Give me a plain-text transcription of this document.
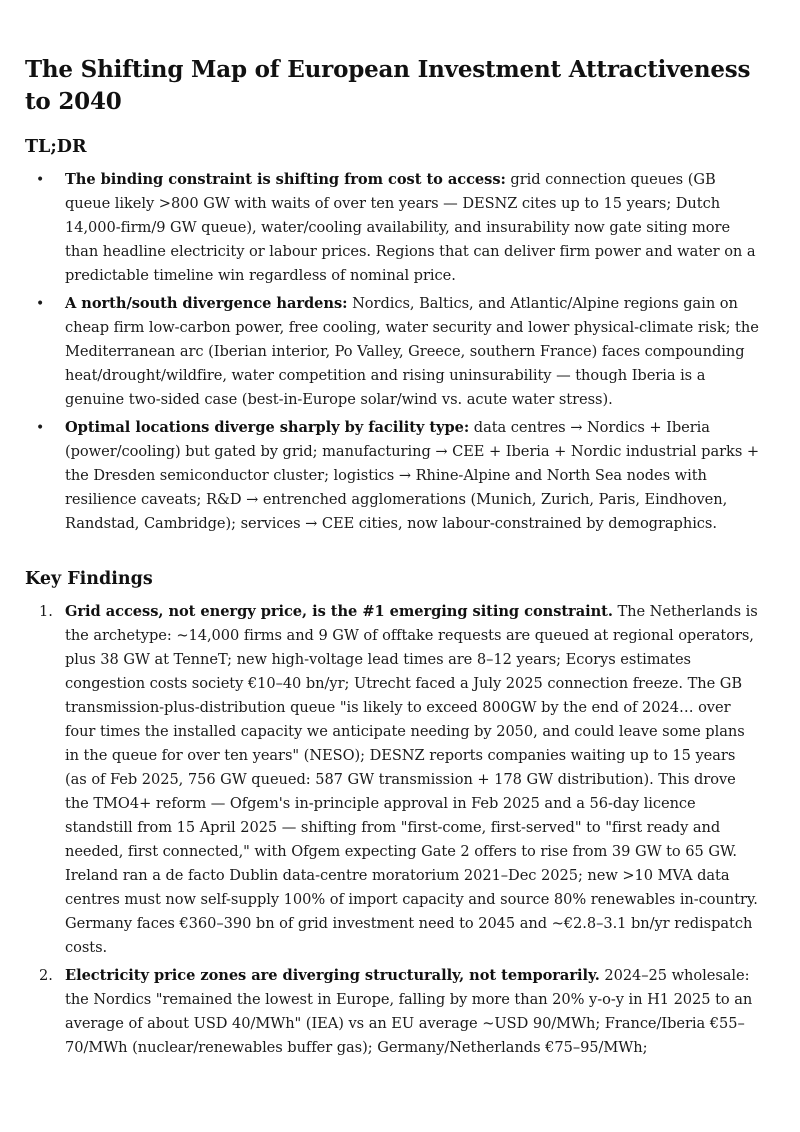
The Shifting Map of European Investment Attractiveness to 2040
TL;DR
• The binding constraint is shifting from cost to access: grid connection queues (GB queue likely >800 GW with waits of over ten years — DESNZ cites up to 15 years; Dutch 14,000-firm/9 GW queue), water/cooling availability, and insurability now gate siting more than headline electricity or labour prices. Regions that can deliver firm power and water on a predictable timeline win regardless of nominal price.
• A north/south divergence hardens: Nordics, Baltics, and Atlantic/Alpine regions gain on cheap firm low-carbon power, free cooling, water security and lower physical-climate risk; the Mediterranean arc (Iberian interior, Po Valley, Greece, southern France) faces compounding heat/drought/wildfire, water competition and rising uninsurability — though Iberia is a genuine two-sided case (best-in-Europe solar/wind vs. acute water stress).
• Optimal locations diverge sharply by facility type: data centres → Nordics + Iberia (power/cooling) but gated by grid; manufacturing → CEE + Iberia + Nordic industrial parks + the Dresden semiconductor cluster; logistics → Rhine-Alpine and North Sea nodes with resilience caveats; R&D → entrenched agglomerations (Munich, Zurich, Paris, Eindhoven, Randstad, Cambridge); services → CEE cities, now labour-constrained by demographics.
Key Findings
1. Grid access, not energy price, is the #1 emerging siting constraint. The Netherlands is the archetype: ~14,000 firms and 9 GW of offtake requests are queued at regional operators, plus 38 GW at TenneT; new high-voltage lead times are 8–12 years; Ecorys estimates congestion costs society €10–40 bn/yr; Utrecht faced a July 2025 connection freeze. The GB transmission-plus-distribution queue "is likely to exceed 800GW by the end of 2024… over four times the installed capacity we anticipate needing by 2050, and could leave some plans in the queue for over ten years" (NESO); DESNZ reports companies waiting up to 15 years (as of Feb 2025, 756 GW queued: 587 GW transmission + 178 GW distribution). This drove the TMO4+ reform — Ofgem's in-principle approval in Feb 2025 and a 56-day licence standstill from 15 April 2025 — shifting from "first-come, first-served" to "first ready and needed, first connected," with Ofgem expecting Gate 2 offers to rise from 39 GW to 65 GW. Ireland ran a de facto Dublin data-centre moratorium 2021–Dec 2025; new >10 MVA data centres must now self-supply 100% of import capacity and source 80% renewables in-country. Germany faces €360–390 bn of grid investment need to 2045 and ~€2.8–3.1 bn/yr redispatch costs.
2. Electricity price zones are diverging structurally, not temporarily. 2024–25 wholesale: the Nordics "remained the lowest in Europe, falling by more than 20% y-o-y in H1 2025 to an average of about USD 40/MWh" (IEA) vs an EU average ~USD 90/MWh; France/Iberia €55–70/MWh (nuclear/renewables buffer gas); Germany/Netherlands €75–95/MWh;
